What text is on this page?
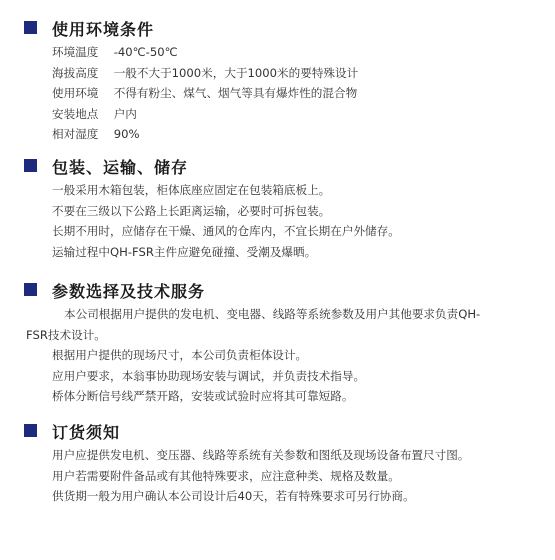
使用环境条件
环境温度 -40℃-50℃
海拔高度 一般不大于1000米，大于1000米的要特殊设计
使用环境 不得有粉尘、煤气、烟气等具有爆炸性的混合物
安装地点 户内
相对湿度 90%
包装、运输、储存
一般采用木箱包装，柜体底座应固定在包装箱底板上。
不要在三级以下公路上长距离运输，必要时可拆包装。
长期不用时，应储存在干燥、通风的仓库内，不宜长期在户外储存。
运输过程中QH-FSR主件应避免碰撞、受潮及爆晒。
参数选择及技术服务
本公司根据用户提供的发电机、变电器、线路等系统参数及用户其他要求负责QH-
FSR技术设计。
根据用户提供的现场尺寸，本公司负责柜体设计。
应用户要求，本翁事协助现场安装与调试，并负责技术指导。
桥体分断信号线严禁开路，安装或试验时应将其可靠短路。
订货须知
用户应提供发电机、变压器、线路等系统有关参数和图纸及现场设备布置尺寸图。
用户若需要附件备品或有其他特殊要求，应注意种类、规格及数量。
供货期一般为用户确认本公司设计后40天，若有特殊要求可另行协商。
